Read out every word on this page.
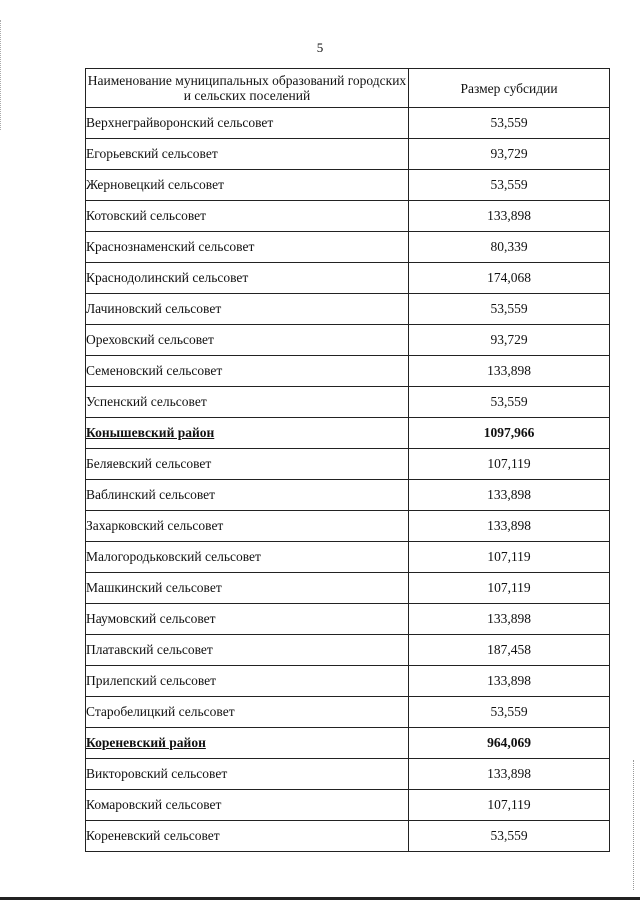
5
Наименование муниципальных образований городских и сельских поселений	Размер субсидии
Верхнеграйворонский сельсовет	53,559
Егорьевский сельсовет	93,729
Жерновецкий сельсовет	53,559
Котовский сельсовет	133,898
Краснознаменский сельсовет	80,339
Краснодолинский сельсовет	174,068
Лачиновский сельсовет	53,559
Ореховский сельсовет	93,729
Семеновский сельсовет	133,898
Успенский сельсовет	53,559
Конышевский район	1097,966
Беляевский сельсовет	107,119
Ваблинский сельсовет	133,898
Захарковский сельсовет	133,898
Малогородьковский сельсовет	107,119
Машкинский сельсовет	107,119
Наумовский сельсовет	133,898
Платавский сельсовет	187,458
Прилепский сельсовет	133,898
Старобелицкий сельсовет	53,559
Кореневский район	964,069
Викторовский сельсовет	133,898
Комаровский сельсовет	107,119
Кореневский сельсовет	53,559
